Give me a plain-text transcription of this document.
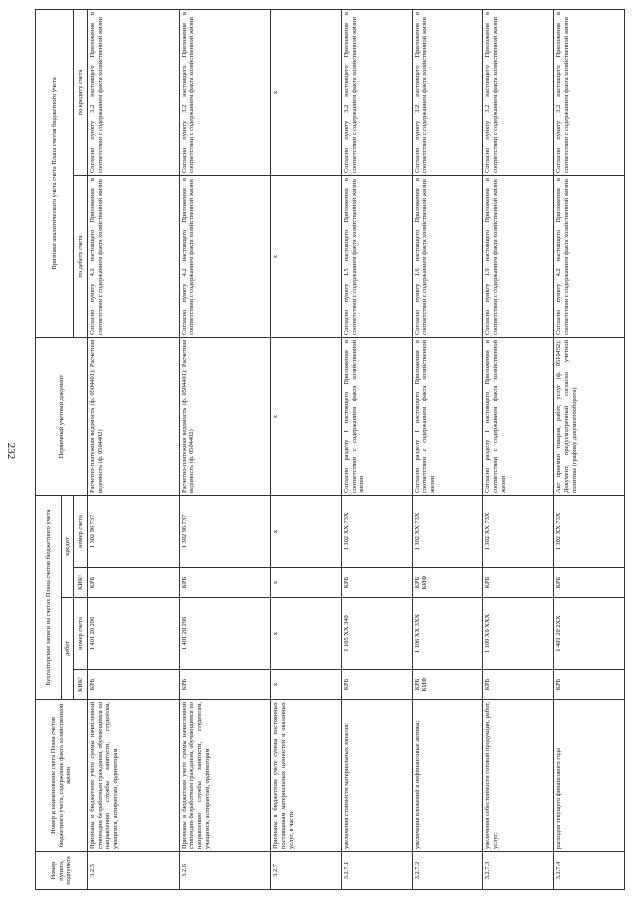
232
Номер пункта, подпункта	Номер и наименование счета Плана счетов бюджетного учета, содержание факта хозяйственной жизни	Бухгалтерские записи на счетах Плана счетов бюджетного учета				Первичный учетный документ	Признаки аналитического учета счета Плана счетов бюджетного учета	
		дебет		кредит				
		КИК¹	номер счета	КИК¹	номер счета		по дебету счета	по кредиту счета
3.2.5	Признаны в бюджетном учете суммы начисленной стипендии безработным гражданам, обучающимся по направлению службы занятости, студентам, учащимся, аспирантам, ординаторам	КРБ	1 401 20 296	КРБ	1 302 96 737	Расчетно-платежная ведомость (ф. 0504401); Расчетная ведомость (ф. 0504402)	Согласно пункту 4.2 настоящего Приложения в соответствии с содержанием факта хозяйственной жизни	Согласно пункту 3.2 настоящего Приложения в соответствии с содержанием факта хозяйственной жизни
3.2.6	Признаны в бюджетном учете суммы начисленной стипендии безработным гражданам, обучающимся по направлению службы занятости, студентам, учащимся, аспирантам, ординаторам	КРБ	1 401 20 296	КРБ	1 302 96 737	Расчетно-платежная ведомость (ф. 0504401); Расчетная ведомость (ф. 0504402)	Согласно пункту 4.2 настоящего Приложения в соответствии с содержанием факта хозяйственной жизни	Согласно пункту 3.2 настоящего Приложения в соответствии с содержанием факта хозяйственной жизни
3.2.7	Признаны в бюджетном учете суммы постоянных поставщикам материальных ценностей и оказанных услуг, в части:	x	x	x	x	x	x	x
3.2.7.1	увеличения стоимости материальных запасов;	КРБ	1 105 XX 340	КРБ	1 302 XX 73X	Согласно разделу I настоящего Приложения в соответствии с содержанием факта хозяйственной жизни	Согласно пункту 1.5 настоящего Приложения в соответствии с содержанием факта хозяйственной жизни	Согласно пункту 3.2 настоящего Приложения в соответствии с содержанием факта хозяйственной жизни
3.2.7.2	увеличения вложений в нефинансовые активы;	КРБ КИФ	1 106 XX 3XX	КРБ КИФ	1 302 XX 73X	Согласно разделу I настоящего Приложения в соответствии с содержанием факта хозяйственной жизни	Согласно пункту 1.6 настоящего Приложения в соответствии с содержанием факта хозяйственной жизни	Согласно пункту 3.2 настоящего Приложения в соответствии с содержанием факта хозяйственной жизни
3.2.7.3	увеличения себестоимости готовой продукции, работ, услуг;	КРБ	1 109 X0 XXX	КРБ	1 302 XX 73X	Согласно разделу I настоящего Приложения в соответствии с содержанием факта хозяйственной жизни	Согласно пункту 1.9 настоящего Приложения в соответствии с содержанием факта хозяйственной жизни	Согласно пункту 3.2 настоящего Приложения в соответствии с содержанием факта хозяйственной жизни
3.2.7.4	расходов текущего финансового года	КРБ	1 401 20 2XX	КРБ	1 302 XX 73X	Акт приемки товаров, работ, услуг (ф. 0510452); Документ, предусмотренный согласно учетной политике (графику документооборота)	Согласно пункту 4.2 настоящего Приложения в соответствии с содержанием факта хозяйственной жизни	Согласно пункту 3.2 настоящего Приложения в соответствии с содержанием факта хозяйственной жизни
